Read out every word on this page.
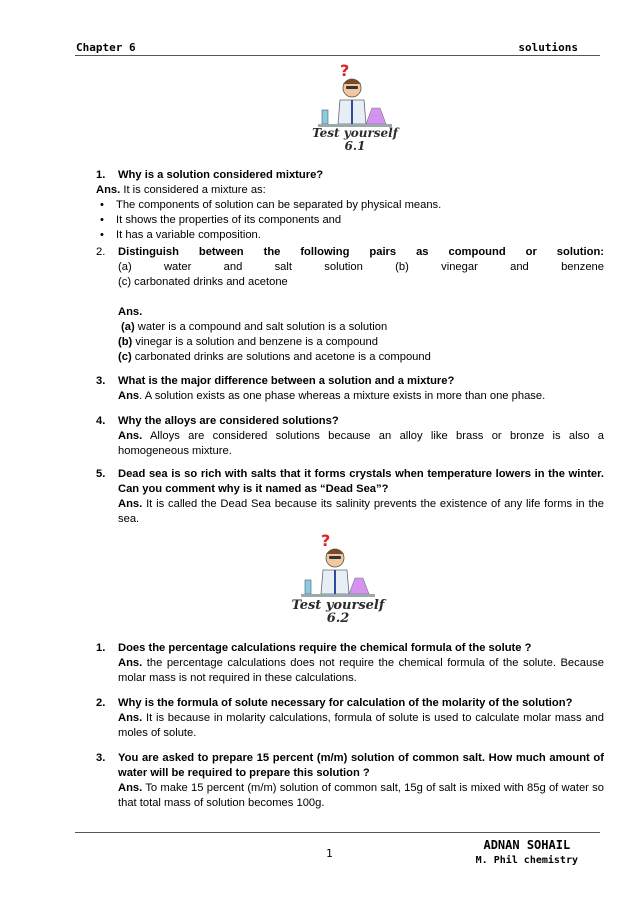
Chapter 6	solutions
?
Test yourself
6.1
1.	Why is a solution considered mixture?
Ans. It is considered a mixture as:
• The components of solution can be separated by physical means.
• It shows the properties of its components and
• It has a variable composition.
2.	Distinguish between the following pairs as compound or solution:
(a) water and salt solution (b) vinegar and benzene
(c) carbonated drinks and acetone
Ans.
(a) water is a compound and salt solution is a solution
(b) vinegar is a solution and benzene is a compound
(c) carbonated drinks are solutions and acetone is a compound
3.	What is the major difference between a solution and a mixture?
Ans. A solution exists as one phase whereas a mixture exists in more than one phase.
4.	Why the alloys are considered solutions?
Ans. Alloys are considered solutions because an alloy like brass or bronze is also a homogeneous mixture.
5.	Dead sea is so rich with salts that it forms crystals when temperature lowers in the winter. Can you comment why is it named as “Dead Sea”?
Ans. It is called the Dead Sea because its salinity prevents the existence of any life forms in the sea.
?
Test yourself
6.2
1.	Does the percentage calculations require the chemical formula of the solute ?
Ans. the percentage calculations does not require the chemical formula of the solute. Because molar mass is not required in these calculations.
2.	Why is the formula of solute necessary for calculation of the molarity of the solution?
Ans. It is because in molarity calculations, formula of solute is used to calculate molar mass and moles of solute.
3.	You are asked to prepare 15 percent (m/m) solution of common salt. How much amount of water will be required to prepare this solution ?
Ans. To make 15 percent (m/m) solution of common salt, 15g of salt is mixed with 85g of water so that total mass of solution becomes 100g.
1
ADNAN SOHAIL
M. Phil chemistry
